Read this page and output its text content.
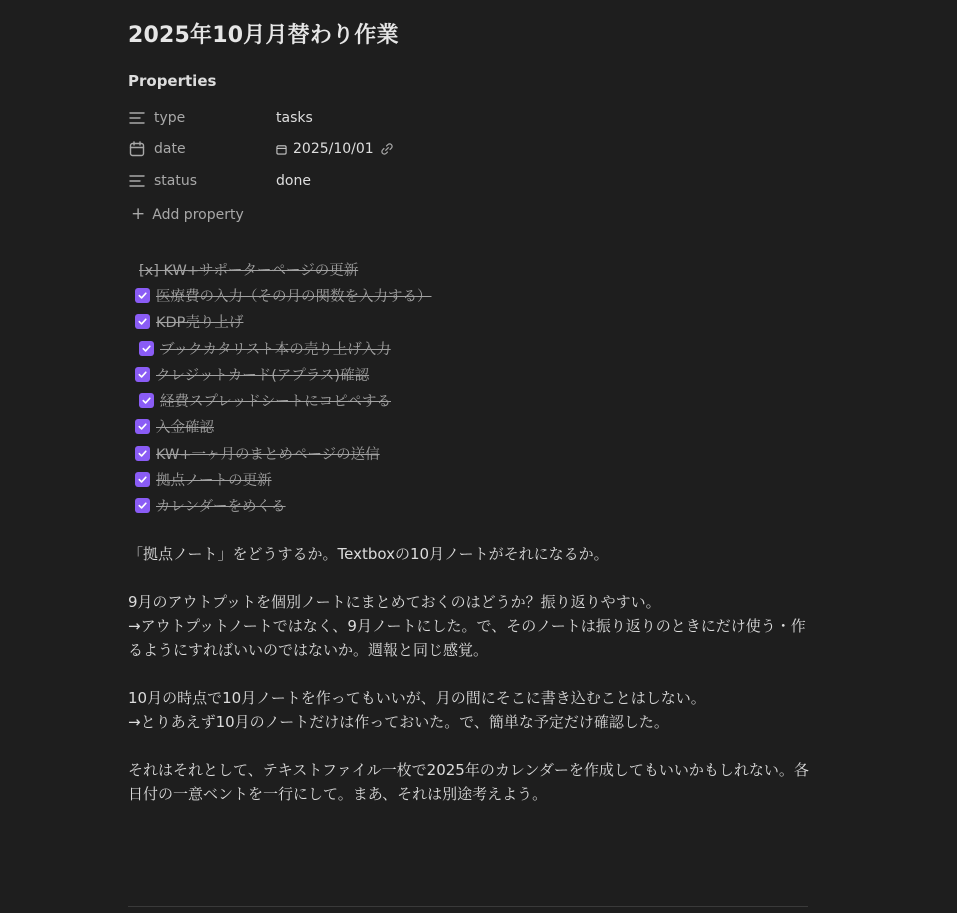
2025年10月月替わり作業
Properties
type	tasks
date	2025/10/01
status	done
+ Add property
[x] KW+サポーターページの更新
医療費の入力（その月の関数を入力する）
KDP売り上げ
ブックカタリスト本の売り上げ入力
クレジットカード(アプラス)確認
経費スプレッドシートにコピペする
入金確認
KW+一ヶ月のまとめページの送信
拠点ノートの更新
カレンダーをめくる

「拠点ノート」をどうするか。Textboxの10月ノートがそれになるか。

9月のアウトプットを個別ノートにまとめておくのはどうか？振り返りやすい。
→アウトプットノートではなく、9月ノートにした。で、そのノートは振り返りのときにだけ使う・作るようにすればいいのではないか。週報と同じ感覚。

10月の時点で10月ノートを作ってもいいが、月の間にそこに書き込むことはしない。
→とりあえず10月のノートだけは作っておいた。で、簡単な予定だけ確認した。

それはそれとして、テキストファイル一枚で2025年のカレンダーを作成してもいいかもしれない。各日付の一意ベントを一行にして。まあ、それは別途考えよう。
